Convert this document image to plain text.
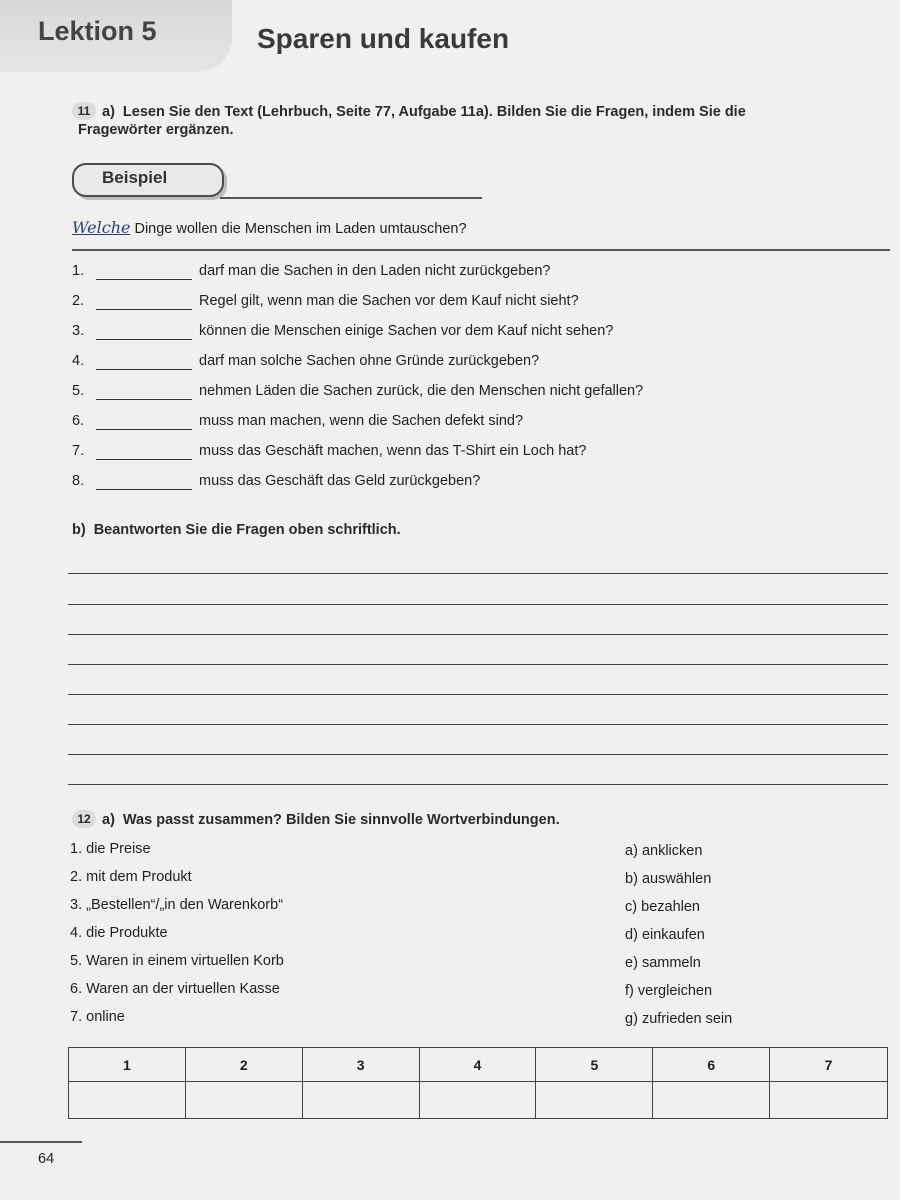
Lektion 5	Sparen und kaufen
11 a) Lesen Sie den Text (Lehrbuch, Seite 77, Aufgabe 11a). Bilden Sie die Fragen, indem Sie die
Fragewörter ergänzen.
Beispiel
Welche Dinge wollen die Menschen im Laden umtauschen?
1.	darf man die Sachen in den Laden nicht zurückgeben?
2.	Regel gilt, wenn man die Sachen vor dem Kauf nicht sieht?
3.	können die Menschen einige Sachen vor dem Kauf nicht sehen?
4.	darf man solche Sachen ohne Gründe zurückgeben?
5.	nehmen Läden die Sachen zurück, die den Menschen nicht gefallen?
6.	muss man machen, wenn die Sachen defekt sind?
7.	muss das Geschäft machen, wenn das T-Shirt ein Loch hat?
8.	muss das Geschäft das Geld zurückgeben?
b) Beantworten Sie die Fragen oben schriftlich.
12 a) Was passt zusammen? Bilden Sie sinnvolle Wortverbindungen.
1. die Preise
2. mit dem Produkt
3. „Bestellen“/„in den Warenkorb“
4. die Produkte
5. Waren in einem virtuellen Korb
6. Waren an der virtuellen Kasse
7. online
a) anklicken
b) auswählen
c) bezahlen
d) einkaufen
e) sammeln
f) vergleichen
g) zufrieden sein
1	2	3	4	5	6	7
64
